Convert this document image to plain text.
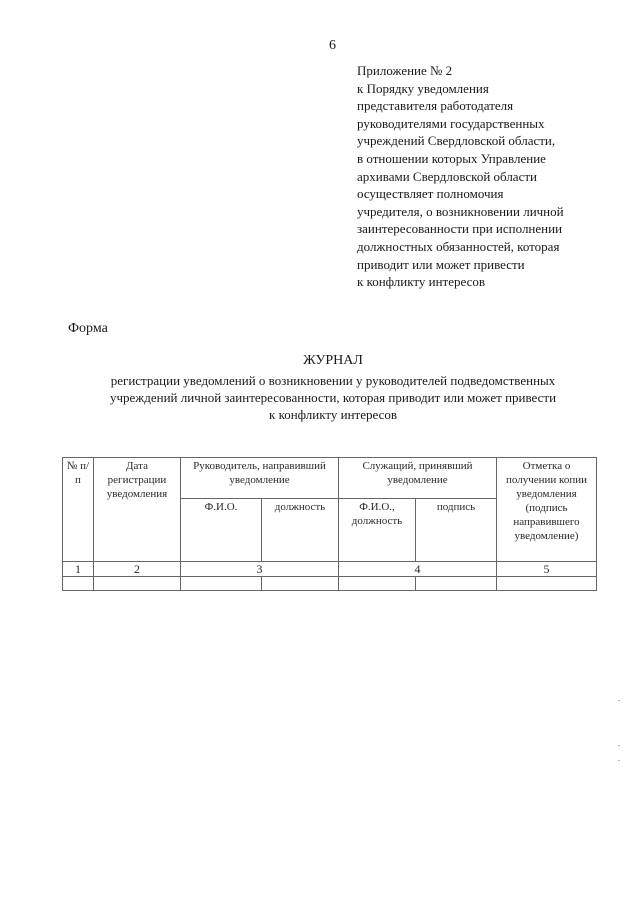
6
Приложение № 2
к Порядку уведомления
представителя работодателя
руководителями государственных
учреждений Свердловской области,
в отношении которых Управление
архивами Свердловской области
осуществляет полномочия
учредителя, о возникновении личной
заинтересованности при исполнении
должностных обязанностей, которая
приводит или может привести
к конфликту интересов
Форма
ЖУРНАЛ
регистрации уведомлений о возникновении у руководителей подведомственных
учреждений личной заинтересованности, которая приводит или может привести
к конфликту интересов
№ п/п	Дата регистрации уведомления	Руководитель, направивший уведомление		Служащий, принявший уведомление		Отметка о получении копии уведомления (подпись направившего уведомление)
		Ф.И.О.	должность	Ф.И.О., должность	подпись	
1	2	3		4		5
